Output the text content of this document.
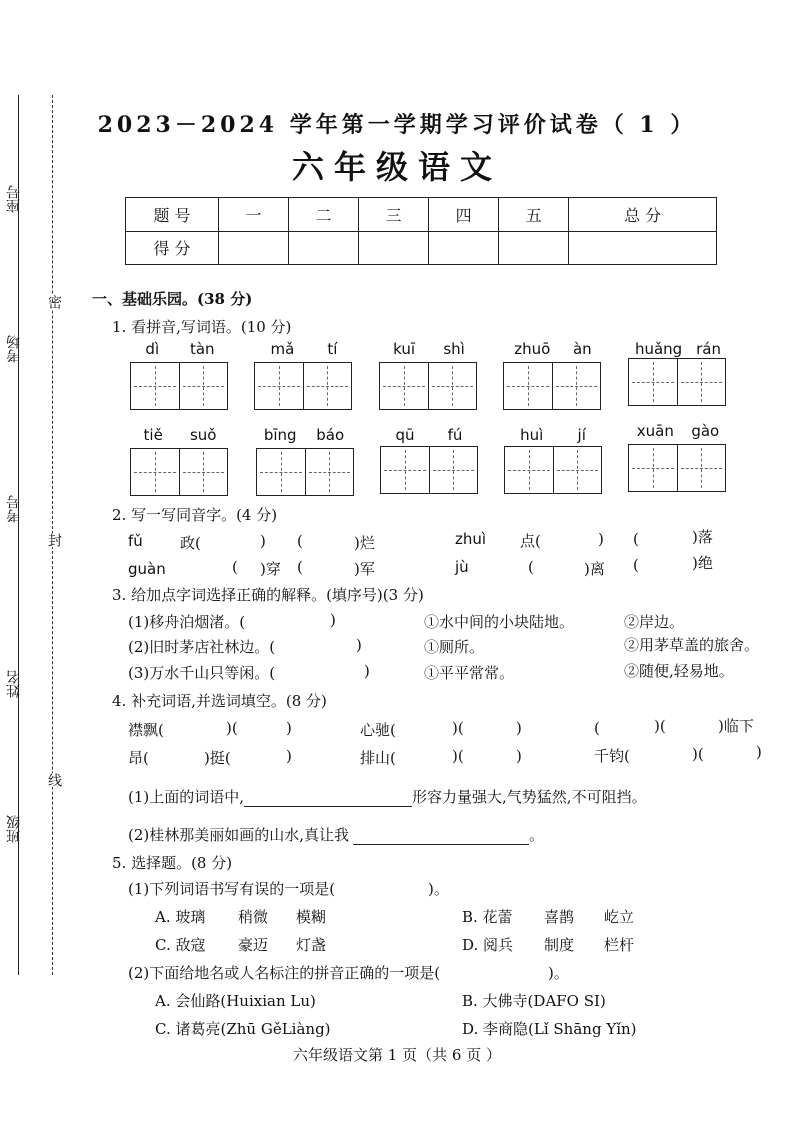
座号
考场
考号
姓名
班级
密
封
线
2023－2024 学年第一学期学习评价试卷（ 1 ）
六年级语文
题 号	一	二	三	四	五	总 分
得 分						
一、基础乐园。(38 分)
1. 看拼音,写词语。(10 分)
dì tàn	mǎ tí	kuī shì	zhuō àn	huǎng rán
tiě suǒ	bīng báo	qū fú	huì jí	xuān gào
2. 写一写同音字。(4 分)
fǔ 政(	) (	)烂	zhuì 点(	) (	)落
guàn	( )穿 (	)军	jù	(	)离 (	)绝
3. 给加点字词选择正确的解释。(填序号)(3 分)
(1)移舟泊烟渚。(	)	①水中间的小块陆地。	②岸边。
(2)旧时茅店社林边。(	)	①厕所。	②用茅草盖的旅舍。
(3)万水千山只等闲。(	)	①平平常常。	②随便,轻易地。
4. 补充词语,并选词填空。(8 分)
襟飘(	)(	)	心驰(	)(	)	(	)(	)临下
昂(	)挺(	)	排山(	)(	)	千钧(	)(	)
(1)上面的词语中,	形容力量强大,气势猛然,不可阻挡。
(2)桂林那美丽如画的山水,真让我	。
5. 选择题。(8 分)
(1)下列词语书写有误的一项是(	)。
A. 玻璃 稍微 模糊	B. 花蕾 喜鹊 屹立
C. 敌寇 豪迈 灯盏	D. 阅兵 制度 栏杆
(2)下面给地名或人名标注的拼音正确的一项是(	)。
A. 会仙路(Huixian Lu)	B. 大佛寺(DAFO SI)
C. 诸葛亮(Zhū GěLiàng)	D. 李商隐(Lǐ Shāng Yǐn)
六年级语文第 1 页（共 6 页 ）
